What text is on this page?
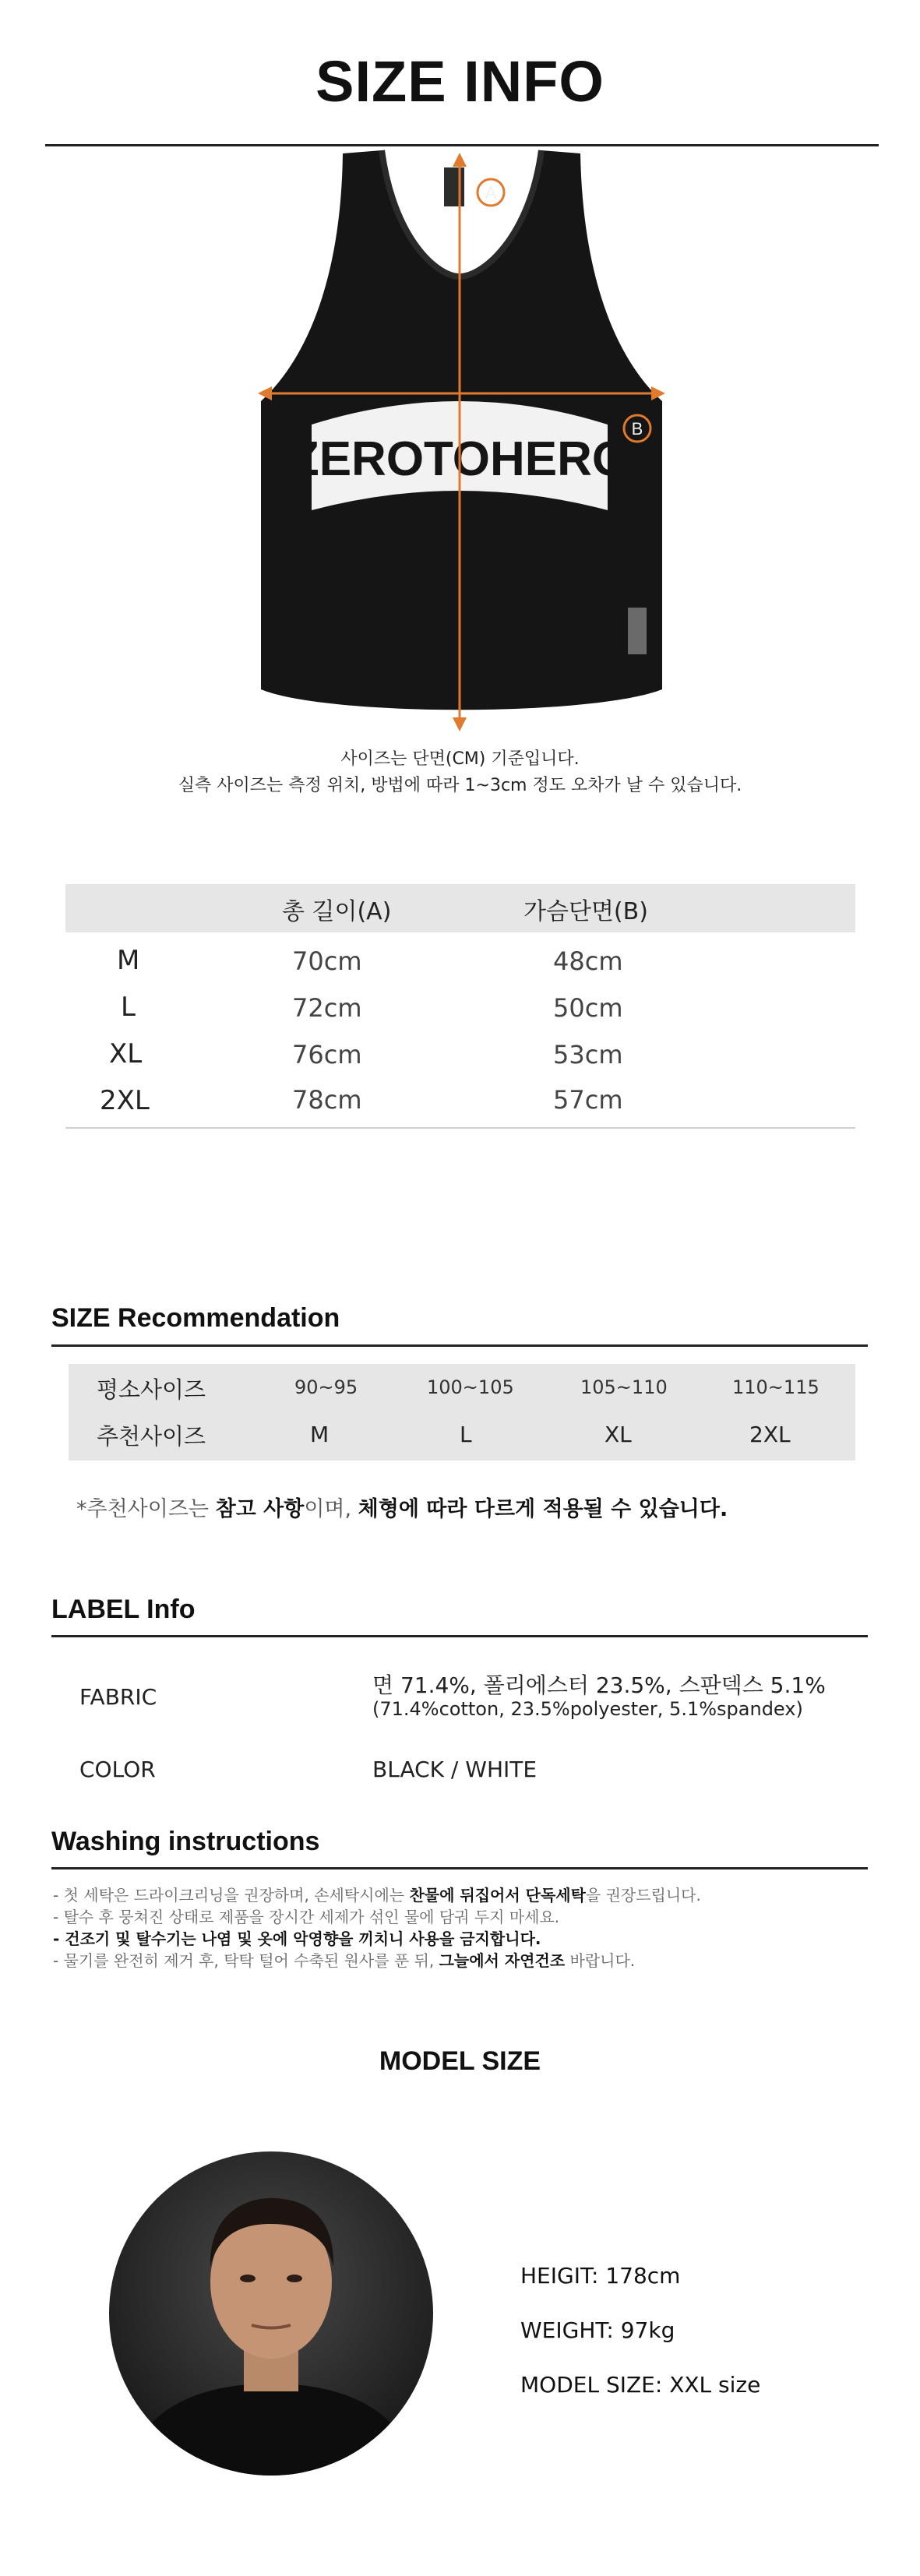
SIZE INFO
ZEROTOHERO
A
B
사이즈는 단면(CM) 기준입니다.
실측 사이즈는 측정 위치, 방법에 따라 1~3cm 정도 오차가 날 수 있습니다.
총 길이(A)	가슴단면(B)
M	70cm	48cm
L	72cm	50cm
XL	76cm	53cm
2XL	78cm	57cm
SIZE Recommendation
평소사이즈	90~95	100~105	105~110	110~115
추천사이즈	M	L	XL	2XL
*추천사이즈는 참고 사항이며, 체형에 따라 다르게 적용될 수 있습니다.
LABEL Info
FABRIC	면 71.4%, 폴리에스터 23.5%, 스판덱스 5.1%
(71.4%cotton, 23.5%polyester, 5.1%spandex)
COLOR	BLACK / WHITE
Washing instructions
- 첫 세탁은 드라이크리닝을 권장하며, 손세탁시에는 찬물에 뒤집어서 단독세탁을 권장드립니다.
- 탈수 후 뭉쳐진 상태로 제품을 장시간 세제가 섞인 물에 담궈 두지 마세요.
- 건조기 및 탈수기는 나염 및 옷에 악영향을 끼치니 사용을 금지합니다.
- 물기를 완전히 제거 후, 탁탁 털어 수축된 원사를 푼 뒤, 그늘에서 자연건조 바랍니다.
MODEL SIZE
HEIGIT: 178cm
WEIGHT: 97kg
MODEL SIZE: XXL size
